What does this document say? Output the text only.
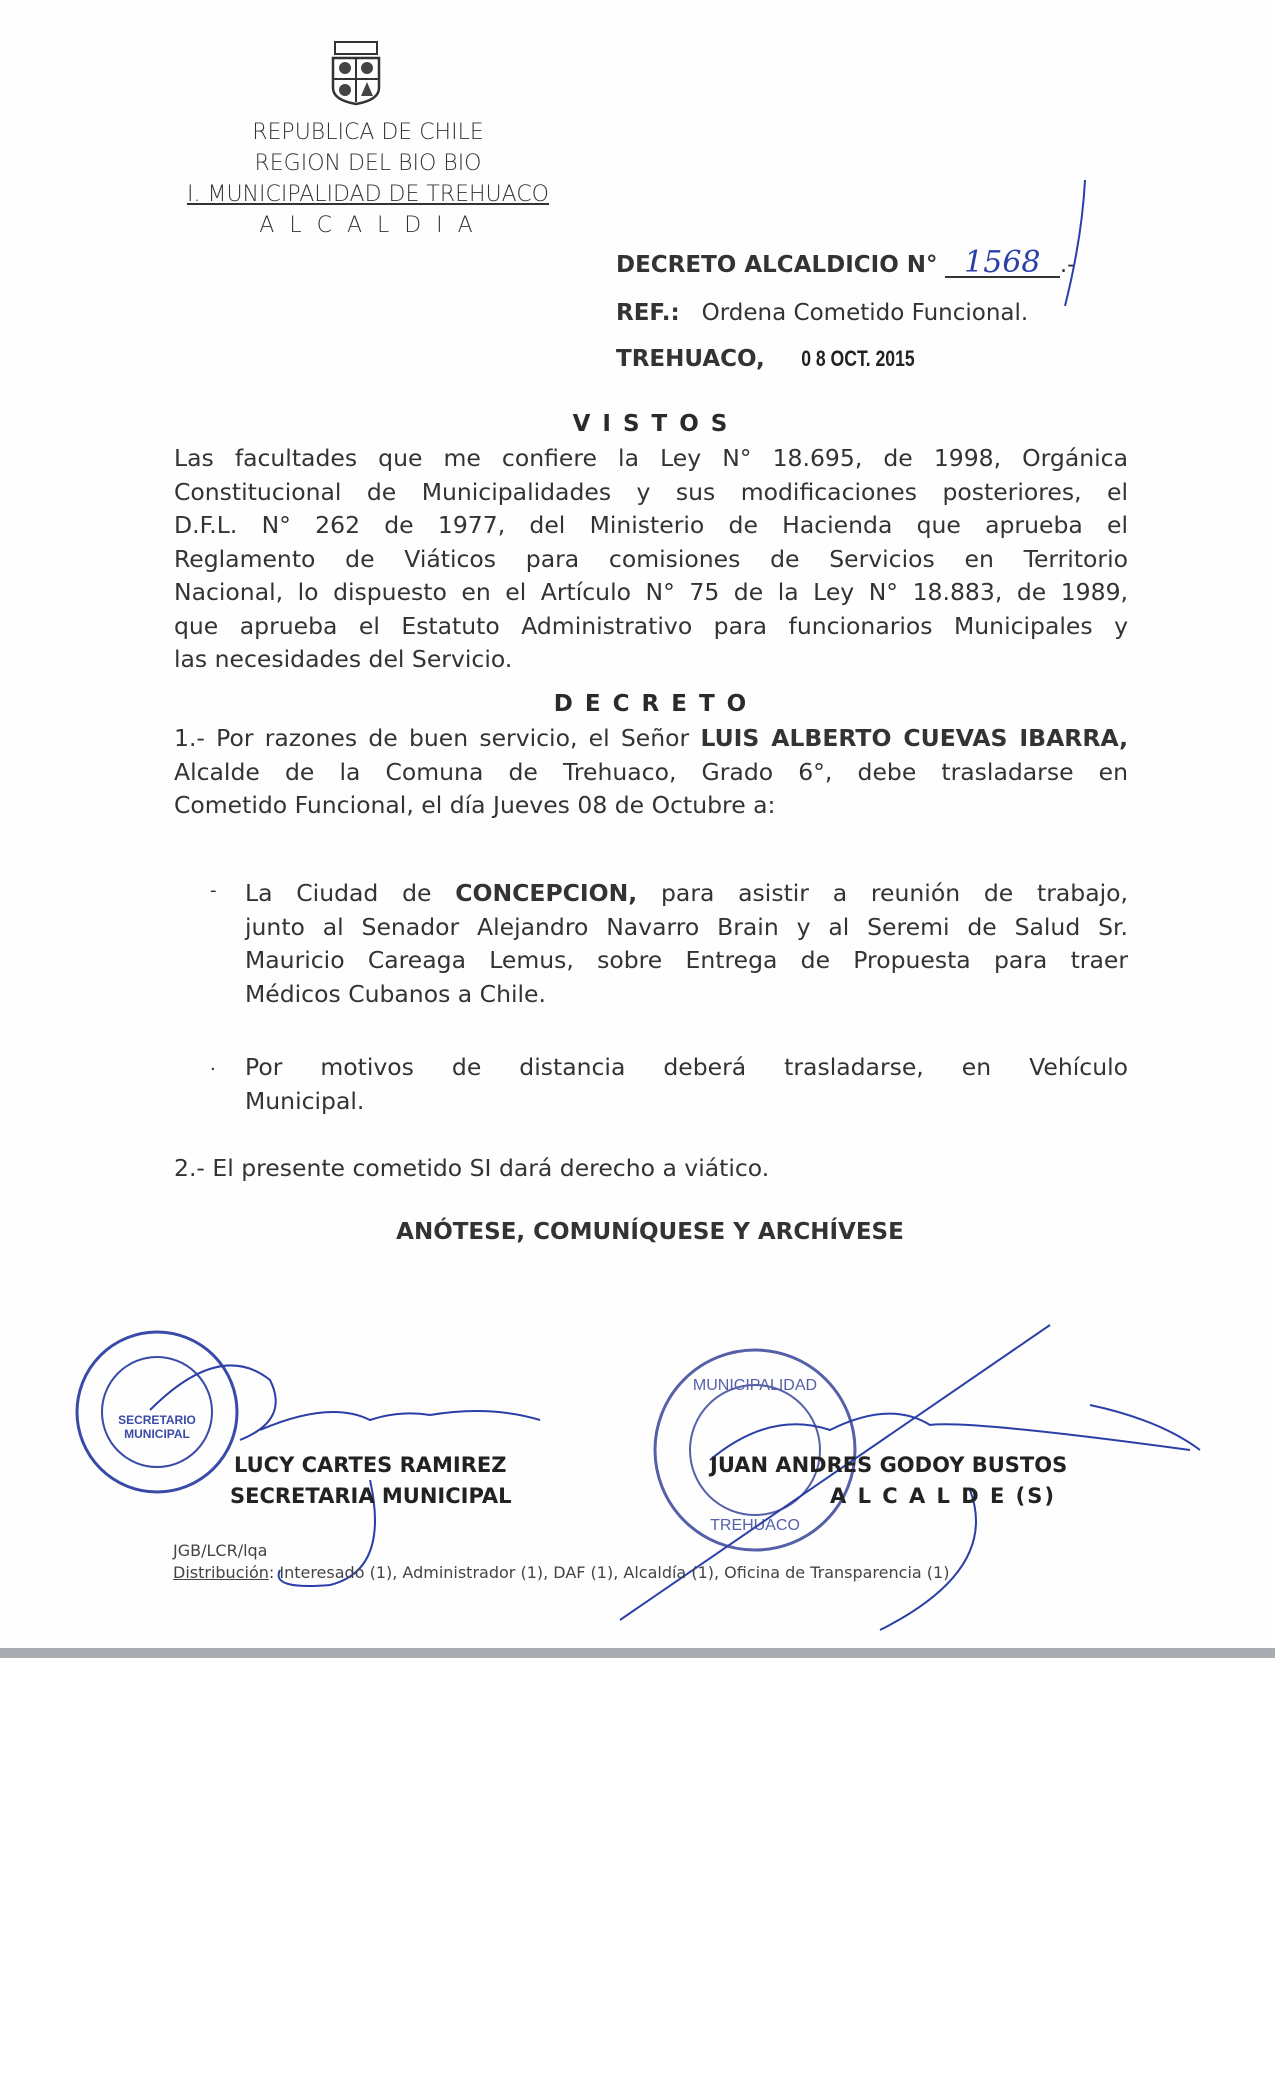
REPUBLICA DE CHILE
REGION DEL BIO BIO
I. MUNICIPALIDAD DE TREHUACO
A L C A L D I A
DECRETO ALCALDICIO N° 1568 .-
REF.: Ordena Cometido Funcional.
TREHUACO, 0 8 OCT. 2015
V I S T O S
Las facultades que me confiere la Ley N° 18.695, de 1998, Orgánica
Constitucional de Municipalidades y sus modificaciones posteriores, el
D.F.L. N° 262 de 1977, del Ministerio de Hacienda que aprueba el
Reglamento de Viáticos para comisiones de Servicios en Territorio
Nacional, lo dispuesto en el Artículo N° 75 de la Ley N° 18.883, de 1989,
que aprueba el Estatuto Administrativo para funcionarios Municipales y
las necesidades del Servicio.
D E C R E T O
1.- Por razones de buen servicio, el Señor LUIS ALBERTO CUEVAS IBARRA,
Alcalde de la Comuna de Trehuaco, Grado 6°, debe trasladarse en
Cometido Funcional, el día Jueves 08 de Octubre a:
- La Ciudad de CONCEPCION, para asistir a reunión de trabajo,
junto al Senador Alejandro Navarro Brain y al Seremi de Salud Sr.
Mauricio Careaga Lemus, sobre Entrega de Propuesta para traer
Médicos Cubanos a Chile.
. Por motivos de distancia deberá trasladarse, en Vehículo
Municipal.
2.- El presente cometido SI dará derecho a viático.
ANÓTESE, COMUNÍQUESE Y ARCHÍVESE
SECRETARIO
MUNICIPAL
MUNICIPALIDAD
TREHUACO
LUCY CARTES RAMIREZ
SECRETARIA MUNICIPAL
JUAN ANDRES GODOY BUSTOS
A L C A L D E (S)
JGB/LCR/lqa
Distribución: Interesado (1), Administrador (1), DAF (1), Alcaldía (1), Oficina de Transparencia (1)
